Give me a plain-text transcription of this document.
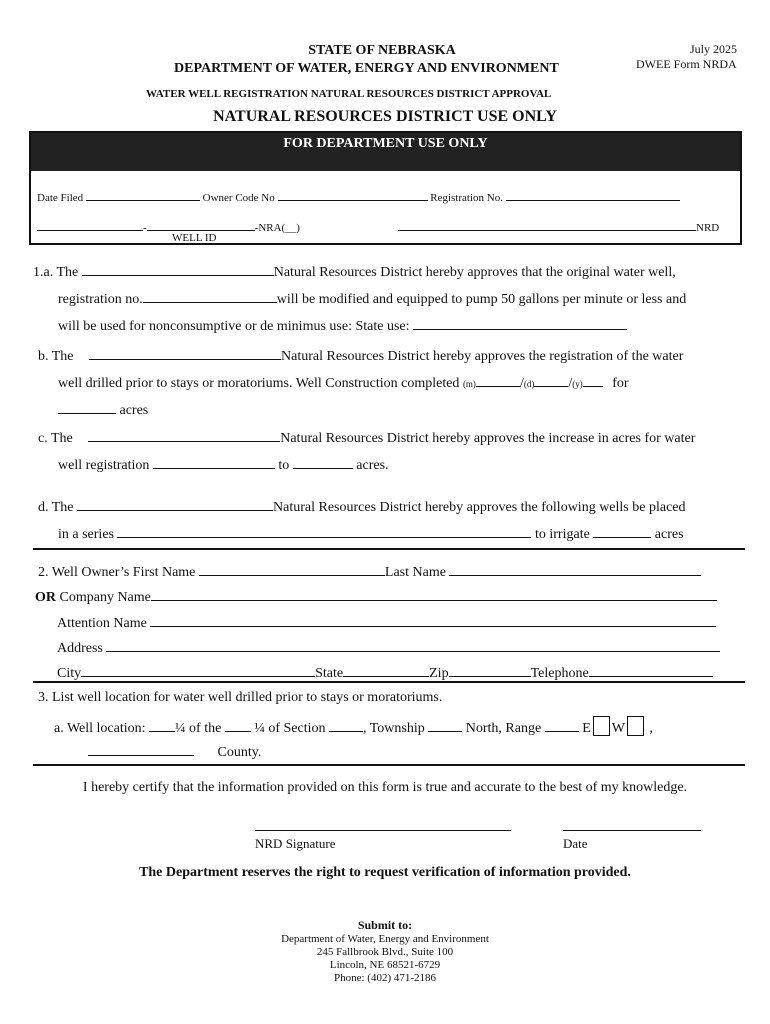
STATE OF NEBRASKA
DEPARTMENT OF WATER, ENERGY AND ENVIRONMENT
July 2025
DWEE Form NRDA
WATER WELL REGISTRATION NATURAL RESOURCES DISTRICT APPROVAL
NATURAL RESOURCES DISTRICT USE ONLY
FOR DEPARTMENT USE ONLY
Date Filed	Owner Code No	Registration No.
-	-NRA(__)	NRD
WELL ID
1.a. The	Natural Resources District hereby approves that the original water well,
registration no.	will be modified and equipped to pump 50 gallons per minute or less and
will be used for nonconsumptive or de minimus use: State use:
b. The	Natural Resources District hereby approves the registration of the water
well drilled prior to stays or moratoriums. Well Construction completed (m)	/(d) /(y) for
acres
c. The	Natural Resources District hereby approves the increase in acres for water
well registration	to	acres.
d. The	Natural Resources District hereby approves the following wells be placed
in a series	to irrigate	acres
2. Well Owner’s First Name	Last Name
OR Company Name
Attention Name
Address
City	State	Zip	Telephone
3. List well location for water well drilled prior to stays or moratoriums.
a. Well location: ¼ of the ¼ of Section	, Township	North, Range	E W ,
County.
I hereby certify that the information provided on this form is true and accurate to the best of my knowledge.
NRD Signature	Date
The Department reserves the right to request verification of information provided.
Submit to:
Department of Water, Energy and Environment
245 Fallbrook Blvd., Suite 100
Lincoln, NE 68521-6729
Phone: (402) 471-2186
